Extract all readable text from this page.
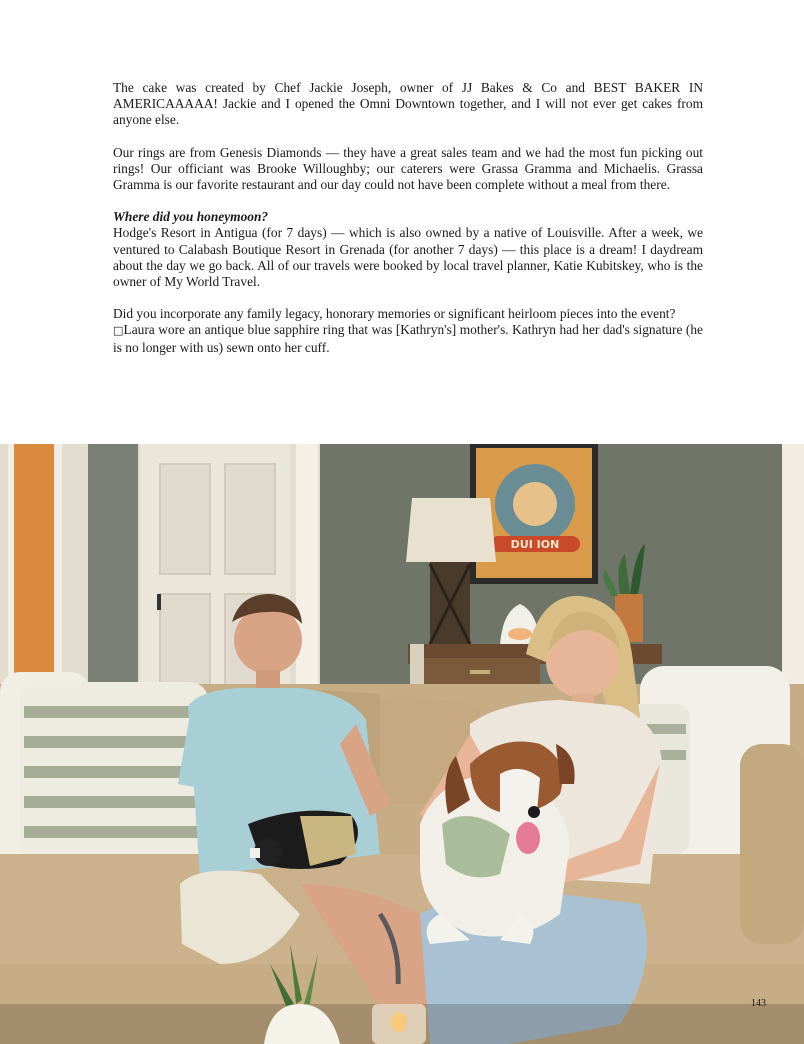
The cake was created by Chef Jackie Joseph, owner of JJ Bakes & Co and BEST BAKER IN AMERICAAAAA! Jackie and I opened the Omni Downtown together, and I will not ever get cakes from anyone else.

Our rings are from Genesis Diamonds — they have a great sales team and we had the most fun picking out rings! Our officiant was Brooke Willoughby; our caterers were Grassa Gramma and Michaelis. Grassa Gramma is our favorite restaurant and our day could not have been complete without a meal from there.

Where did you honeymoon?
Hodge's Resort in Antigua (for 7 days) — which is also owned by a native of Louisville. After a week, we ventured to Calabash Boutique Resort in Grenada (for another 7 days) — this place is a dream! I daydream about the day we go back. All of our travels were booked by local travel planner, Katie Kubitskey, who is the owner of My World Travel.

Did you incorporate any family legacy, honorary memories or significant heirloom pieces into the event?
□Laura wore an antique blue sapphire ring that was [Kathryn's] mother's. Kathryn had her dad's signature (he is no longer with us) sewn onto her cuff.

DUI ION
143
